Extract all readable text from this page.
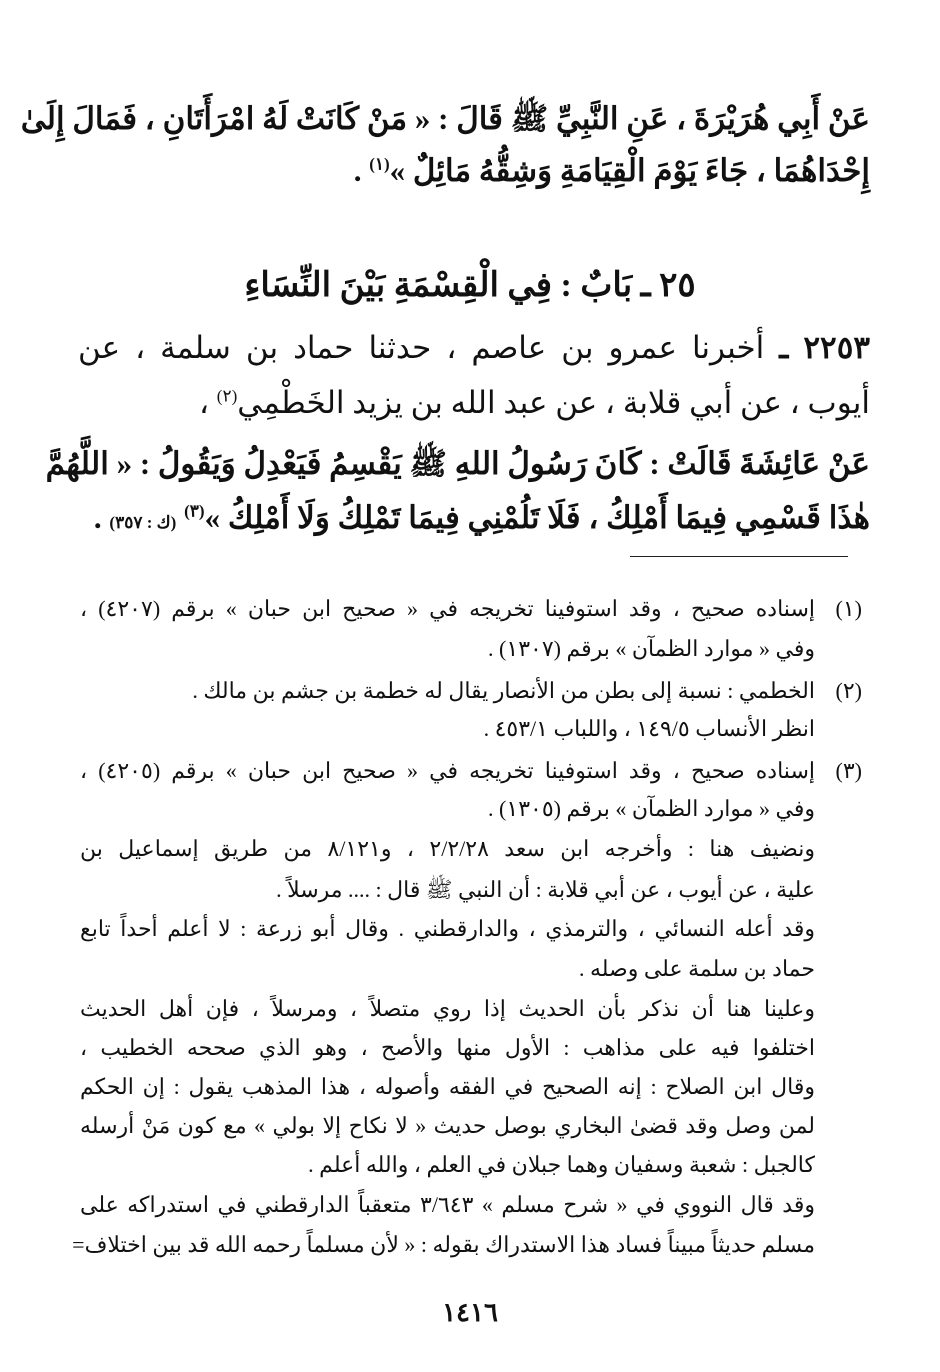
عَنْ أَبِي هُرَيْرَةَ ، عَنِ النَّبِيِّ ﷺ قَالَ : « مَنْ كَانَتْ لَهُ امْرَأَتَانِ ، فَمَالَ إِلَىٰ
إِحْدَاهُمَا ، جَاءَ يَوْمَ الْقِيَامَةِ وَشِقُّهُ مَائِلٌ »$^{(١)}$ .
٢٥ ـ بَابٌ : فِي الْقِسْمَةِ بَيْنَ النِّسَاءِ
٢٢٥٣ ـ أخبرنا عمرو بن عاصم ، حدثنا حماد بن سلمة ، عن
أيوب ، عن أبي قلابة ، عن عبد الله بن يزيد الخَطْمِي$^{(٢)}$ ،
عَنْ عَائِشَةَ قَالَتْ : كَانَ رَسُولُ اللهِ ﷺ يَقْسِمُ فَيَعْدِلُ وَيَقُولُ : « اللَّهُمَّ
هٰذَا قَسْمِي فِيمَا أَمْلِكُ ، فَلَا تَلُمْنِي فِيمَا تَمْلِكُ وَلَا أَمْلِكُ »$^{(٣)}$ (ك : ٣٥٧) .
(١)
إسناده صحيح ، وقد استوفينا تخريجه في « صحيح ابن حبان » برقم (٤٢٠٧) ،
وفي « موارد الظمآن » برقم (١٣٠٧) .
(٢)
الخطمي : نسبة إلى بطن من الأنصار يقال له خطمة بن جشم بن مالك .
انظر الأنساب ١٤٩/٥ ، واللباب ٤٥٣/١ .
(٣)
إسناده صحيح ، وقد استوفينا تخريجه في « صحيح ابن حبان » برقم (٤٢٠٥) ،
وفي « موارد الظمآن » برقم (١٣٠٥) .
ونضيف هنا : وأخرجه ابن سعد ٢/٢/٢٨ ، و٨/١٢١ من طريق إسماعيل بن
علية ، عن أيوب ، عن أبي قلابة : أن النبي ﷺ قال : .... مرسلاً .
وقد أعله النسائي ، والترمذي ، والدارقطني . وقال أبو زرعة : لا أعلم أحداً تابع
حماد بن سلمة على وصله .
وعلينا هنا أن نذكر بأن الحديث إذا روي متصلاً ، ومرسلاً ، فإن أهل الحديث
اختلفوا فيه على مذاهب : الأول منها والأصح ، وهو الذي صححه الخطيب ،
وقال ابن الصلاح : إنه الصحيح في الفقه وأصوله ، هذا المذهب يقول : إن الحكم
لمن وصل وقد قضىٰ البخاري بوصل حديث « لا نكاح إلا بولي » مع كون مَنْ أرسله
كالجبل : شعبة وسفيان وهما جبلان في العلم ، والله أعلم .
وقد قال النووي في « شرح مسلم » ٣/٦٤٣ متعقباً الدارقطني في استدراكه على
مسلم حديثاً مبيناً فساد هذا الاستدراك بقوله : « لأن مسلماً رحمه الله قد بين اختلاف=
١٤١٦
